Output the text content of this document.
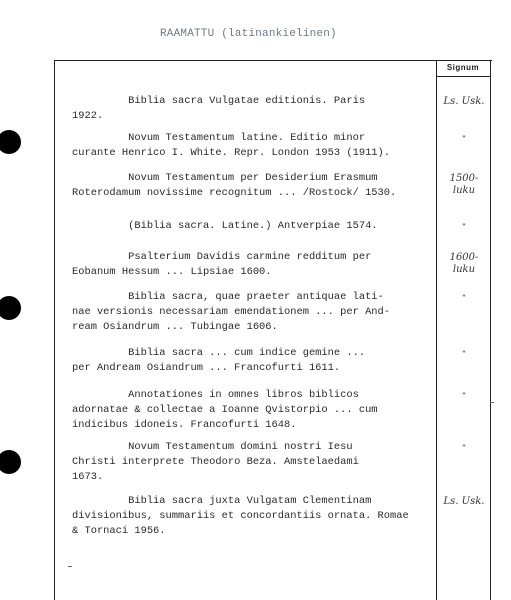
RAAMATTU (latinankielinen)
Signum
Biblia sacra Vulgatae editionis. Paris
1922.
Ls. Usk.
Novum Testamentum latine. Editio minor
curante Henrico I. White. Repr. London 1953 (1911).
"
Novum Testamentum per Desiderium Erasmum
Roterodamum novissime recognitum ... /Rostock/ 1530.
1500-luku
(Biblia sacra. Latine.) Antverpiae 1574.	"
Psalterium Davidis carmine redditum per
Eobanum Hessum ... Lipsiae 1600.
1600-luku
Biblia sacra, quae praeter antiquae lati-
nae versionis necessariam emendationem ... per And-
ream Osiandrum ... Tubingae 1606.
"
Biblia sacra ... cum indice gemine ...
per Andream Osiandrum ... Francofurti 1611.
"
Annotationes in omnes libros biblicos
adornatae & collectae a Ioanne Qvistorpio ... cum
indicibus idoneis. Francofurti 1648.
"
Novum Testamentum domini nostri Iesu
Christi interprete Theodoro Beza. Amstelaedami
1673.
"
Biblia sacra juxta Vulgatam Clementinam
divisionibus, summariis et concordantiis ornata. Romae
& Tornaci 1956.
Ls. Usk.
